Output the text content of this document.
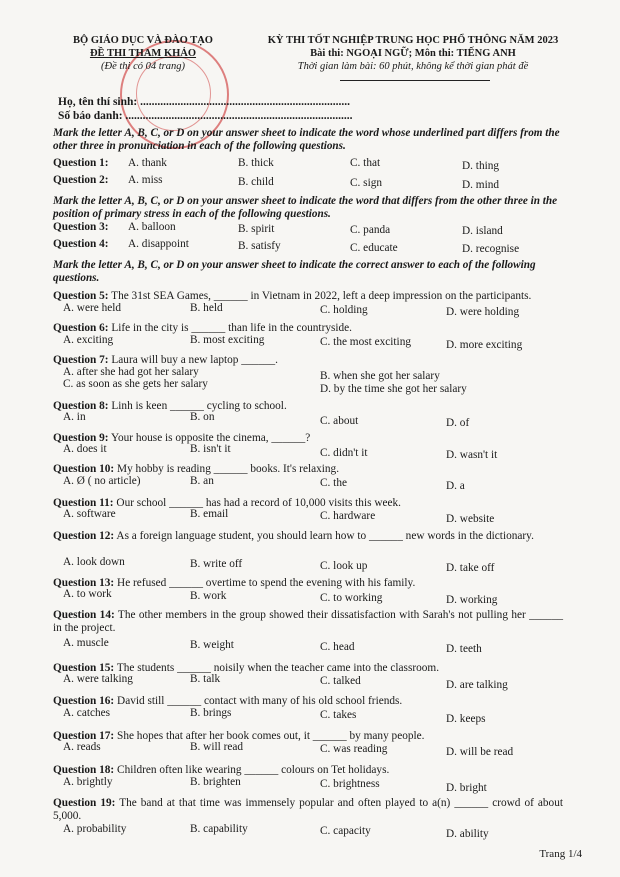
BỘ GIÁO DỤC VÀ ĐÀO TẠO
ĐỀ THI THAM KHẢO
(Đề thi có 04 trang)
KỲ THI TỐT NGHIỆP TRUNG HỌC PHỔ THÔNG NĂM 2023
Bài thi: NGOẠI NGỮ; Môn thi: TIẾNG ANH
Thời gian làm bài: 60 phút, không kể thời gian phát đề
Họ, tên thí sinh: .........................................................................
Số báo danh: ...............................................................................
Mark the letter A, B, C, or D on your answer sheet to indicate the word whose underlined part differs from the other three in pronunciation in each of the following questions.
Question 1: A. thank	B. thick	C. that	D. thing
Question 2: A. miss	B. child	C. sign	D. mind
Mark the letter A, B, C, or D on your answer sheet to indicate the word that differs from the other three in the position of primary stress in each of the following questions.
Question 3: A. balloon	B. spirit	C. panda	D. island
Question 4: A. disappoint	B. satisfy	C. educate	D. recognise
Mark the letter A, B, C, or D on your answer sheet to indicate the correct answer to each of the following questions.
Question 5: The 31st SEA Games, ______ in Vietnam in 2022, left a deep impression on the participants.
A. were held	B. held	C. holding	D. were holding
Question 6: Life in the city is ______ than life in the countryside.
A. exciting	B. most exciting	C. the most exciting	D. more exciting
Question 7: Laura will buy a new laptop ______.
A. after she had got her salary	B. when she got her salary
C. as soon as she gets her salary	D. by the time she got her salary
Question 8: Linh is keen ______ cycling to school.
A. in	B. on	C. about	D. of
Question 9: Your house is opposite the cinema, ______?
A. does it	B. isn't it	C. didn't it	D. wasn't it
Question 10: My hobby is reading ______ books. It's relaxing.
A. Ø ( no article)	B. an	C. the	D. a
Question 11: Our school ______ has had a record of 10,000 visits this week.
A. software	B. email	C. hardware	D. website
Question 12: As a foreign language student, you should learn how to ______ new words in the dictionary.
A. look down	B. write off	C. look up	D. take off
Question 13: He refused ______ overtime to spend the evening with his family.
A. to work	B. work	C. to working	D. working
Question 14: The other members in the group showed their dissatisfaction with Sarah's not pulling her ______ in the project.
A. muscle	B. weight	C. head	D. teeth
Question 15: The students ______ noisily when the teacher came into the classroom.
A. were talking	B. talk	C. talked	D. are talking
Question 16: David still ______ contact with many of his old school friends.
A. catches	B. brings	C. takes	D. keeps
Question 17: She hopes that after her book comes out, it ______ by many people.
A. reads	B. will read	C. was reading	D. will be read
Question 18: Children often like wearing ______ colours on Tet holidays.
A. brightly	B. brighten	C. brightness	D. bright
Question 19: The band at that time was immensely popular and often played to a(n) ______ crowd of about 5,000.
A. probability	B. capability	C. capacity	D. ability
Trang 1/4
